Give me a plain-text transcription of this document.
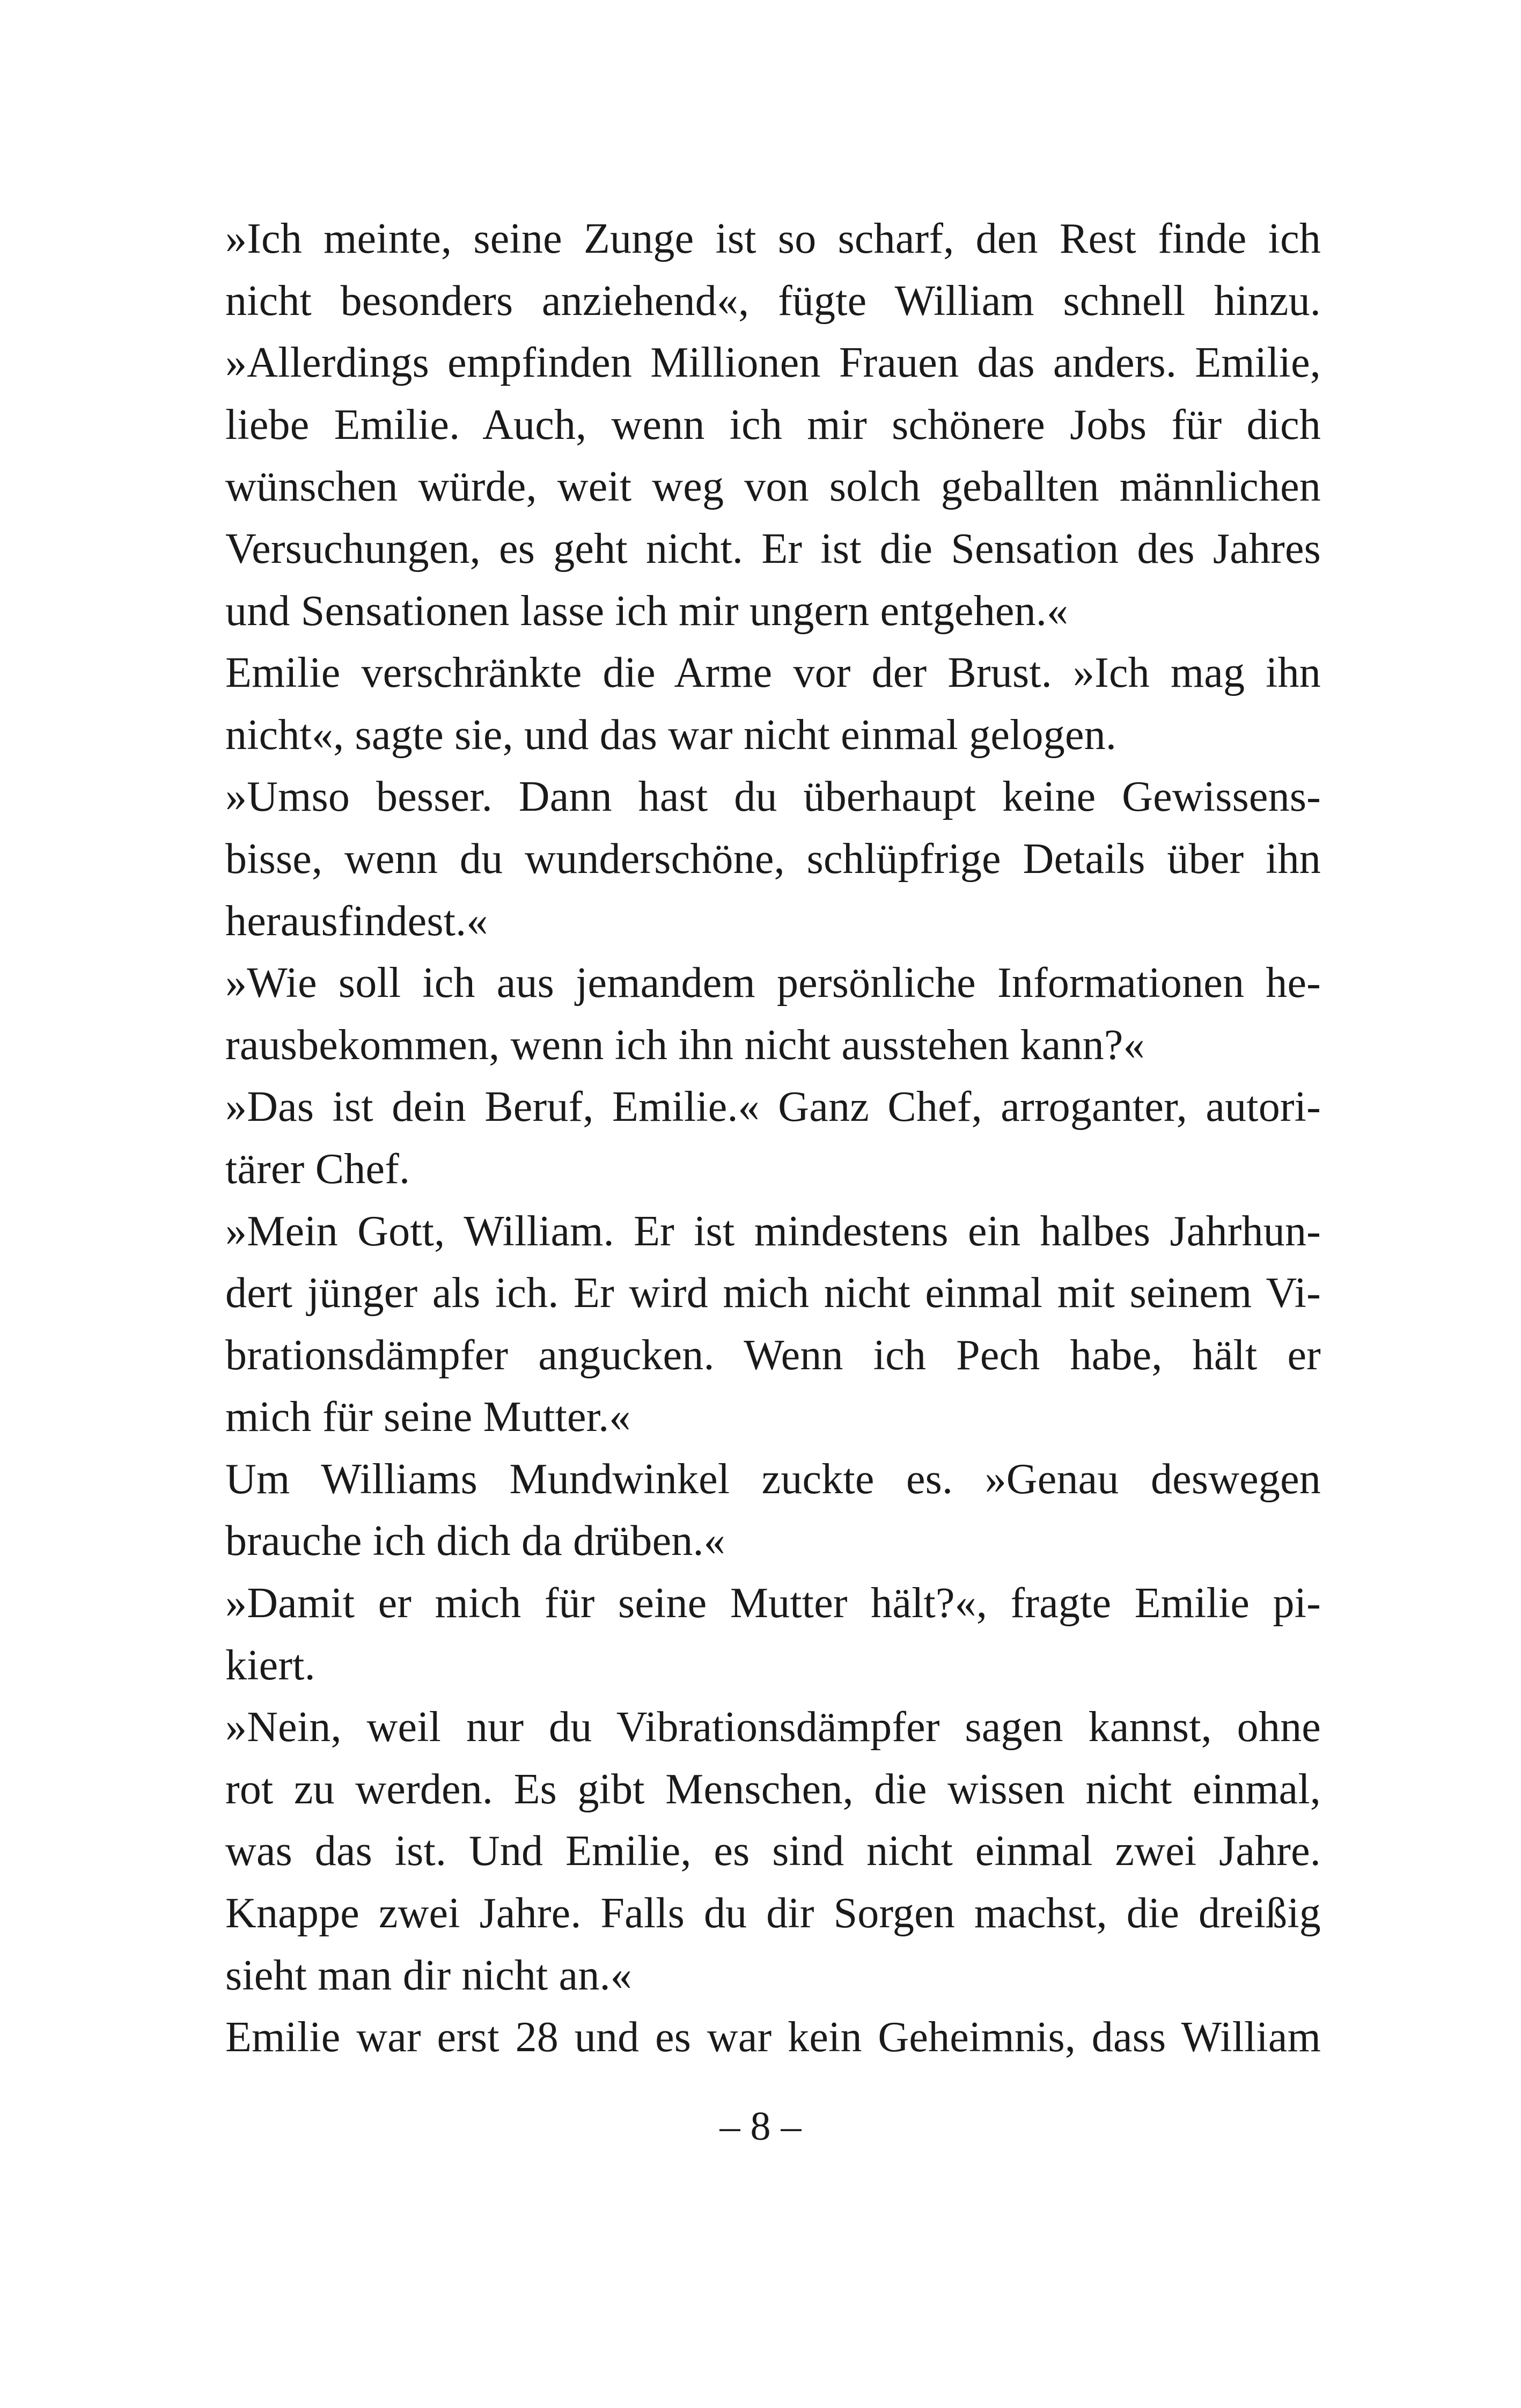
»Ich meinte, seine Zunge ist so scharf, den Rest finde ich
nicht besonders anziehend«, fügte William schnell hinzu.
»Allerdings empfinden Millionen Frauen das anders. Emilie,
liebe Emilie. Auch, wenn ich mir schönere Jobs für dich
wünschen würde, weit weg von solch geballten männlichen
Versuchungen, es geht nicht. Er ist die Sensation des Jahres
und Sensationen lasse ich mir ungern entgehen.«
Emilie verschränkte die Arme vor der Brust. »Ich mag ihn
nicht«, sagte sie, und das war nicht einmal gelogen.
»Umso besser. Dann hast du überhaupt keine Gewissens-
bisse, wenn du wunderschöne, schlüpfrige Details über ihn
herausfindest.«
»Wie soll ich aus jemandem persönliche Informationen he-
rausbekommen, wenn ich ihn nicht ausstehen kann?«
»Das ist dein Beruf, Emilie.« Ganz Chef, arroganter, autori-
tärer Chef.
»Mein Gott, William. Er ist mindestens ein halbes Jahrhun-
dert jünger als ich. Er wird mich nicht einmal mit seinem Vi-
brationsdämpfer angucken. Wenn ich Pech habe, hält er
mich für seine Mutter.«
Um Williams Mundwinkel zuckte es. »Genau deswegen
brauche ich dich da drüben.«
»Damit er mich für seine Mutter hält?«, fragte Emilie pi-
kiert.
»Nein, weil nur du Vibrationsdämpfer sagen kannst, ohne
rot zu werden. Es gibt Menschen, die wissen nicht einmal,
was das ist. Und Emilie, es sind nicht einmal zwei Jahre.
Knappe zwei Jahre. Falls du dir Sorgen machst, die dreißig
sieht man dir nicht an.«
Emilie war erst 28 und es war kein Geheimnis, dass William
– 8 –
